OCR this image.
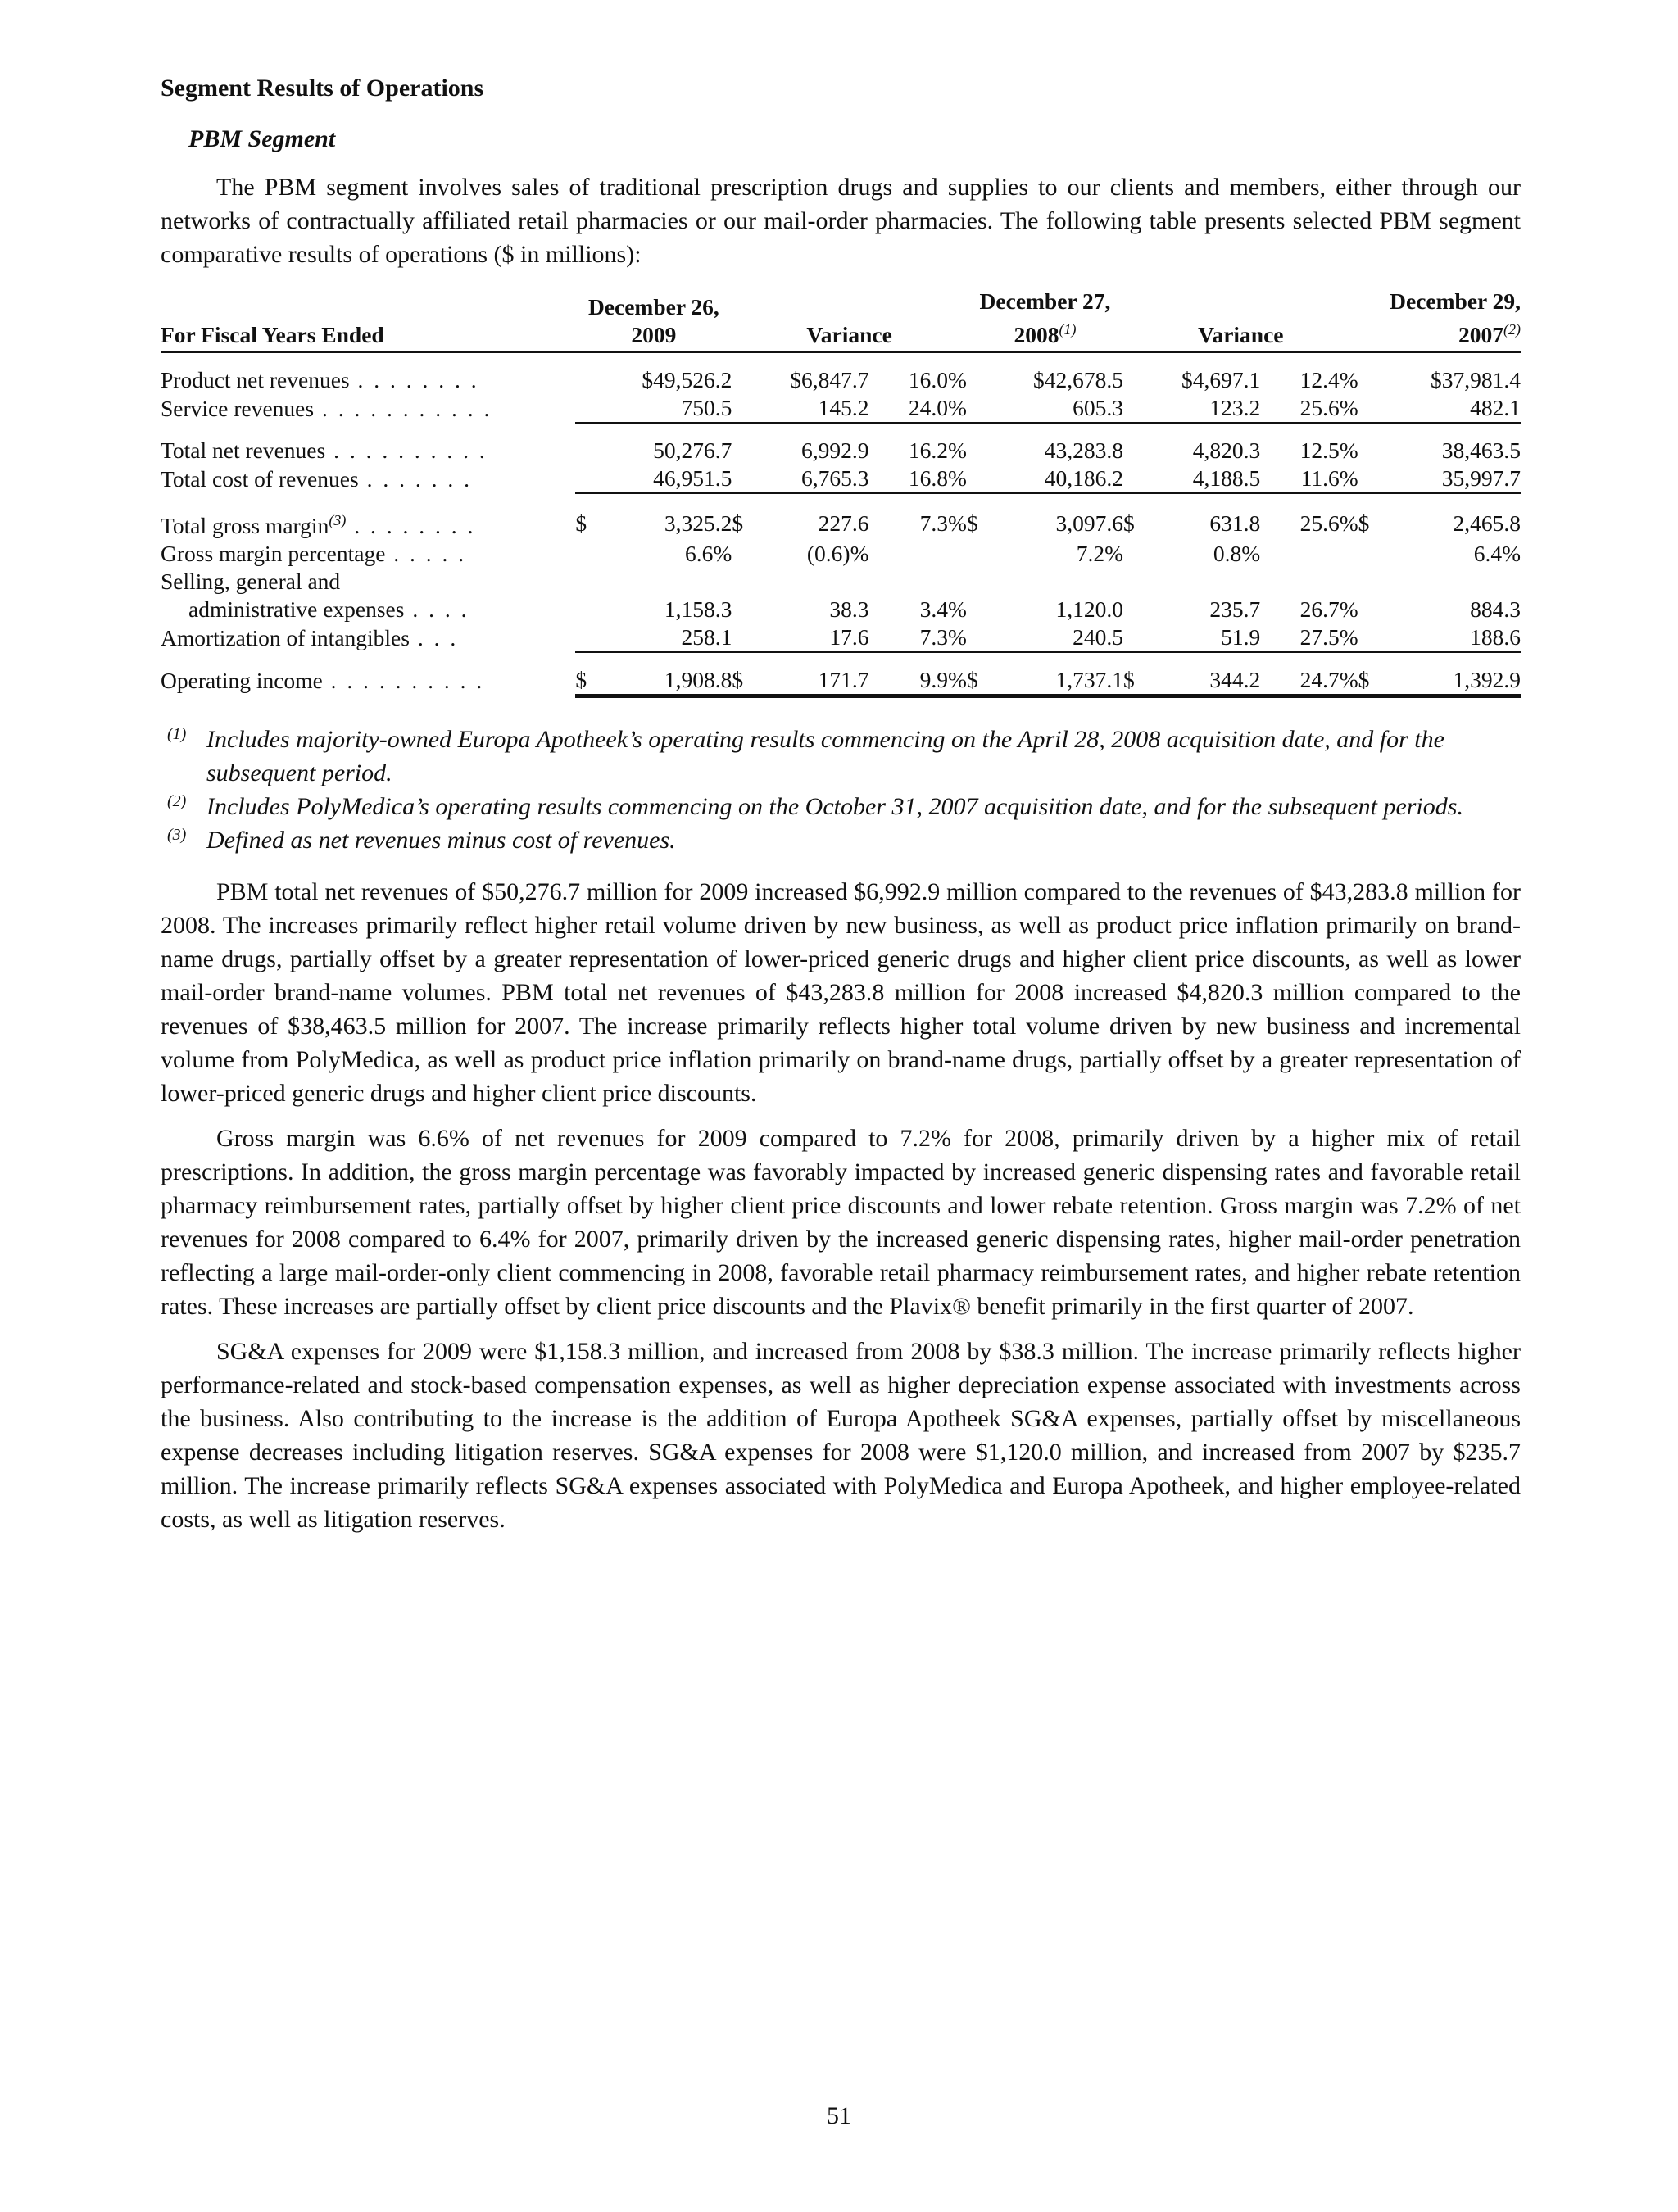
Segment Results of Operations
PBM Segment

The PBM segment involves sales of traditional prescription drugs and supplies to our clients and members, either through our networks of contractually affiliated retail pharmacies or our mail-order pharmacies. The following table presents selected PBM segment comparative results of operations ($ in millions):

For Fiscal Years Ended	December 26,
2009	Variance			December 27,
2008$^{(1)}$		Variance			December 29,
2007$^{(2)}$
Product net revenues . . . . . . . .	$49,526.2	$6,847.7		16.0%	$42,678.5		$4,697.1		12.4%	$37,981.4	
Service revenues . . . . . . . . . . .	750.5	145.2		24.0%	605.3		123.2		25.6%	482.1	
Total net revenues . . . . . . . . . .	50,276.7	6,992.9		16.2%	43,283.8		4,820.3		12.5%	38,463.5	
Total cost of revenues . . . . . . .	46,951.5	6,765.3		16.8%	40,186.2		4,188.5		11.6%	35,997.7	
Total gross margin$^{(3)}$ . . . . . . . .	$ 3,325.2	$	227.6	7.3%	$	3,097.6	$	631.8	25.6%	$	2,465.8
Gross margin percentage . . . . .	6.6%	(0.6)%			7.2%		0.8%			6.4%	
Selling, general and
administrative expenses . . . .	1,158.3	38.3		3.4%	1,120.0		235.7		26.7%	884.3	
Amortization of intangibles . . .	258.1	17.6		7.3%	240.5		51.9		27.5%	188.6	
Operating income . . . . . . . . . .	$ 1,908.8	$	171.7	9.9%	$	1,737.1	$	344.2	24.7%	$	1,392.9
(1) Includes majority-owned Europa Apotheek’s operating results commencing on the April 28, 2008 acquisition date, and for the subsequent period.
(2) Includes PolyMedica’s operating results commencing on the October 31, 2007 acquisition date, and for the subsequent periods.
(3) Defined as net revenues minus cost of revenues.

PBM total net revenues of $50,276.7 million for 2009 increased $6,992.9 million compared to the revenues of $43,283.8 million for 2008. The increases primarily reflect higher retail volume driven by new business, as well as product price inflation primarily on brand-name drugs, partially offset by a greater representation of lower-priced generic drugs and higher client price discounts, as well as lower mail-order brand-name volumes. PBM total net revenues of $43,283.8 million for 2008 increased $4,820.3 million compared to the revenues of $38,463.5 million for 2007. The increase primarily reflects higher total volume driven by new business and incremental volume from PolyMedica, as well as product price inflation primarily on brand-name drugs, partially offset by a greater representation of lower-priced generic drugs and higher client price discounts.

Gross margin was 6.6% of net revenues for 2009 compared to 7.2% for 2008, primarily driven by a higher mix of retail prescriptions. In addition, the gross margin percentage was favorably impacted by increased generic dispensing rates and favorable retail pharmacy reimbursement rates, partially offset by higher client price discounts and lower rebate retention. Gross margin was 7.2% of net revenues for 2008 compared to 6.4% for 2007, primarily driven by the increased generic dispensing rates, higher mail-order penetration reflecting a large mail-order-only client commencing in 2008, favorable retail pharmacy reimbursement rates, and higher rebate retention rates. These increases are partially offset by client price discounts and the Plavix® benefit primarily in the first quarter of 2007.

SG&A expenses for 2009 were $1,158.3 million, and increased from 2008 by $38.3 million. The increase primarily reflects higher performance-related and stock-based compensation expenses, as well as higher depreciation expense associated with investments across the business. Also contributing to the increase is the addition of Europa Apotheek SG&A expenses, partially offset by miscellaneous expense decreases including litigation reserves. SG&A expenses for 2008 were $1,120.0 million, and increased from 2007 by $235.7 million. The increase primarily reflects SG&A expenses associated with PolyMedica and Europa Apotheek, and higher employee-related costs, as well as litigation reserves.

51
